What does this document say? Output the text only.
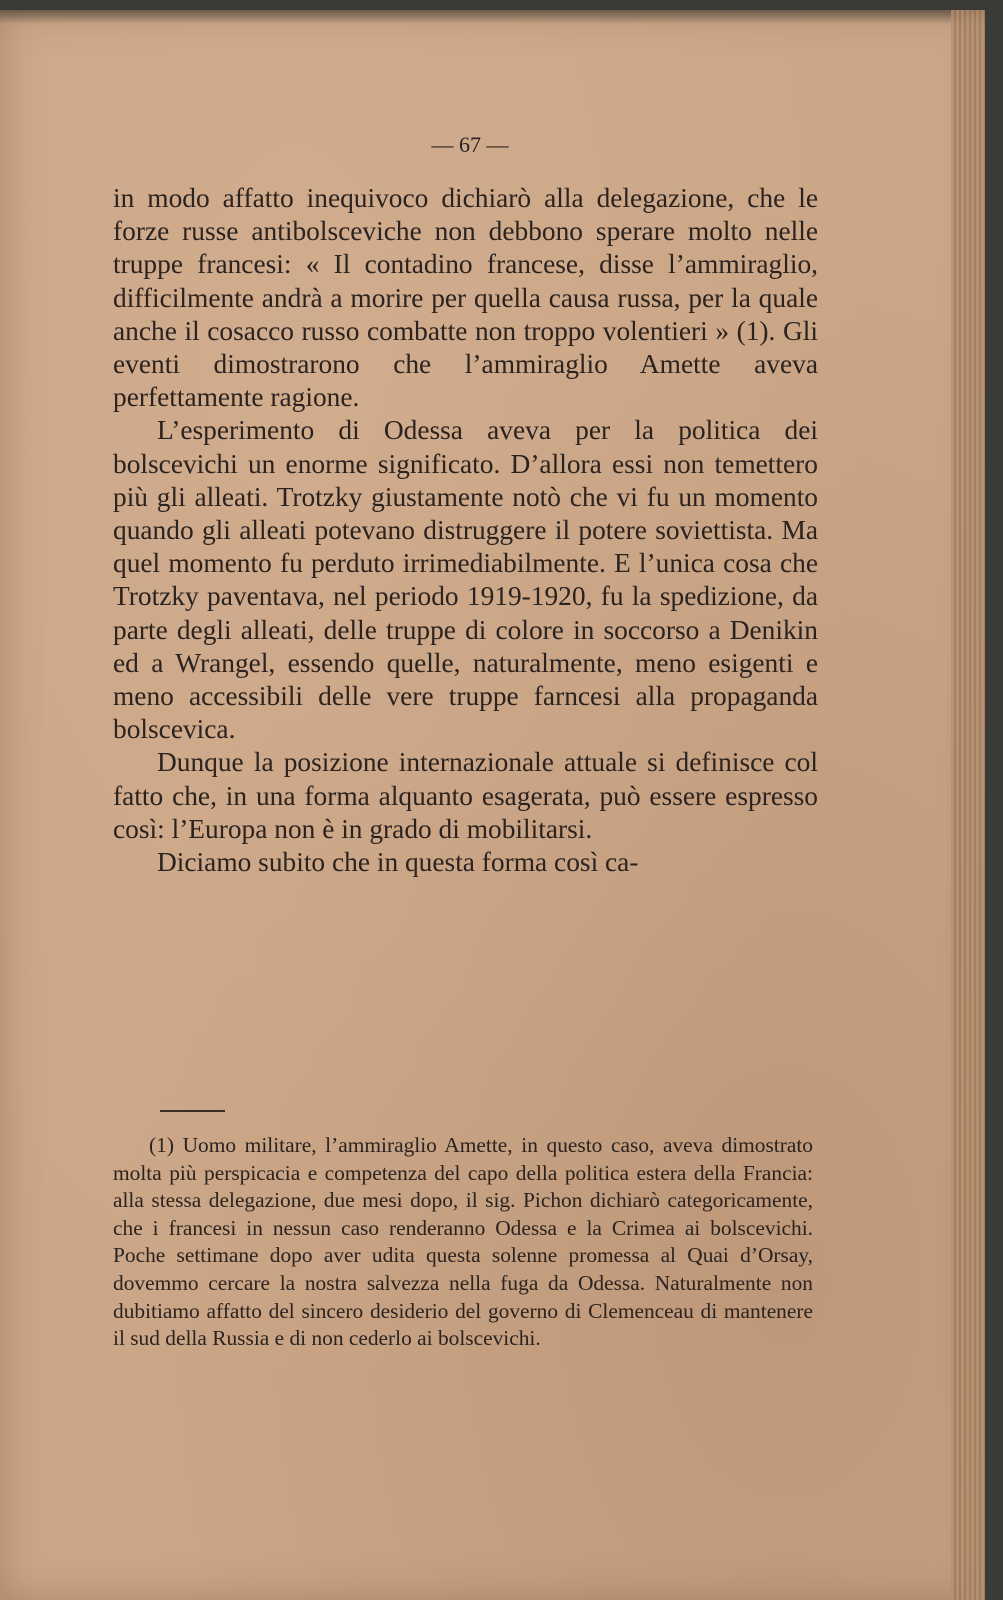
— 67 —

in modo affatto inequivoco dichiarò alla delegazione, che le forze russe antibolsceviche non debbono sperare molto nelle truppe francesi: « Il contadino francese, disse l’ammiraglio, difficilmente andrà a morire per quella causa russa, per la quale anche il cosacco russo combatte non troppo volentieri » (1). Gli eventi dimostrarono che l’ammiraglio Amette aveva perfettamente ragione.

L’esperimento di Odessa aveva per la politica dei bolscevichi un enorme significato. D’allora essi non temettero più gli alleati. Trotzky giustamente notò che vi fu un momento quando gli alleati potevano distruggere il potere soviettista. Ma quel momento fu perduto irrimediabilmente. E l’unica cosa che Trotzky paventava, nel periodo 1919-1920, fu la spedizione, da parte degli alleati, delle truppe di colore in soccorso a Denikin ed a Wrangel, essendo quelle, naturalmente, meno esigenti e meno accessibili delle vere truppe farncesi alla propaganda bolscevica.

Dunque la posizione internazionale attuale si definisce col fatto che, in una forma alquanto esagerata, può essere espresso così: l’Europa non è in grado di mobilitarsi.

Diciamo subito che in questa forma così ca-

(1) Uomo militare, l’ammiraglio Amette, in questo caso, aveva dimostrato molta più perspicacia e competenza del capo della politica estera della Francia: alla stessa delegazione, due mesi dopo, il sig. Pichon dichiarò categoricamente, che i francesi in nessun caso renderanno Odessa e la Crimea ai bolscevichi. Poche settimane dopo aver udita questa solenne promessa al Quai d’Orsay, dovemmo cercare la nostra salvezza nella fuga da Odessa. Naturalmente non dubitiamo affatto del sincero desiderio del governo di Clemenceau di mantenere il sud della Russia e di non cederlo ai bolscevichi.
